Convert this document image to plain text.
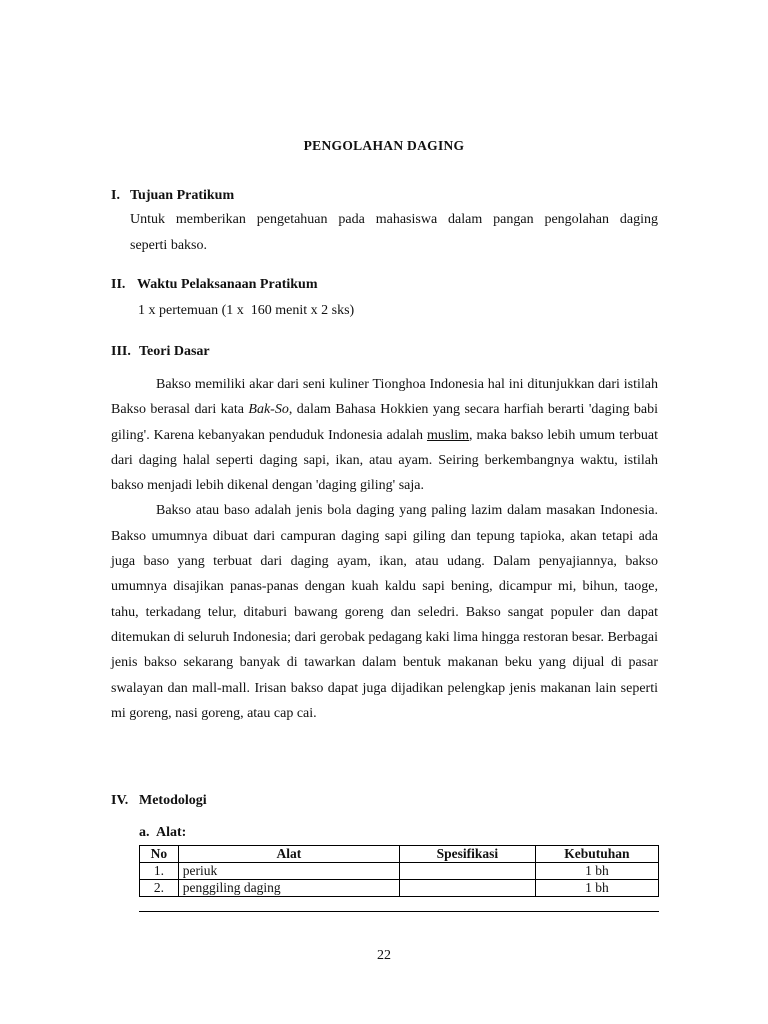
PENGOLAHAN DAGING
I. Tujuan Pratikum
Untuk memberikan pengetahuan pada mahasiswa dalam pangan pengolahan daging
seperti bakso.
II. Waktu Pelaksanaan Pratikum
1 x pertemuan (1 x  160 menit x 2 sks)
III. Teori Dasar

Bakso memiliki akar dari seni kuliner Tionghoa Indonesia hal ini ditunjukkan dari istilah Bakso berasal dari kata Bak-So, dalam Bahasa Hokkien yang secara harfiah berarti 'daging babi giling'. Karena kebanyakan penduduk Indonesia adalah muslim, maka bakso lebih umum terbuat dari daging halal seperti daging sapi, ikan, atau ayam. Seiring berkembangnya waktu, istilah bakso menjadi lebih dikenal dengan 'daging giling' saja.

Bakso atau baso adalah jenis bola daging yang paling lazim dalam masakan Indonesia. Bakso umumnya dibuat dari campuran daging sapi giling dan tepung tapioka, akan tetapi ada juga baso yang terbuat dari daging ayam, ikan, atau udang. Dalam penyajiannya, bakso umumnya disajikan panas-panas dengan kuah kaldu sapi bening, dicampur mi, bihun, taoge, tahu, terkadang telur, ditaburi bawang goreng dan seledri. Bakso sangat populer dan dapat ditemukan di seluruh Indonesia; dari gerobak pedagang kaki lima hingga restoran besar. Berbagai jenis bakso sekarang banyak di tawarkan dalam bentuk makanan beku yang dijual di pasar swalayan dan mall-mall. Irisan bakso dapat juga dijadikan pelengkap jenis makanan lain seperti mi goreng, nasi goreng, atau cap cai.

IV. Metodologi
a. Alat:
No	Alat	Spesifikasi	Kebutuhan
1.	periuk		1 bh
2.	penggiling daging		1 bh
22
